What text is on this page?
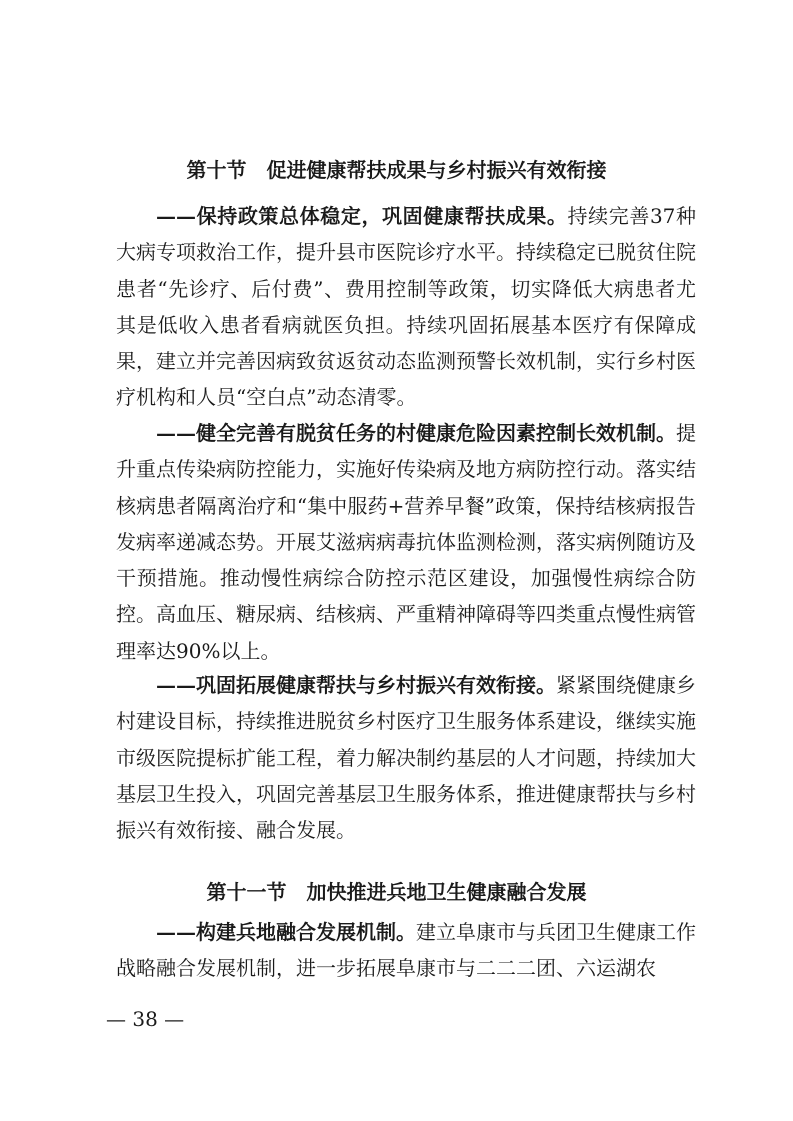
第十节　促进健康帮扶成果与乡村振兴有效衔接
——保持政策总体稳定，巩固健康帮扶成果。持续完善37种大病专项救治工作，提升县市医院诊疗水平。持续稳定已脱贫住院患者“先诊疗、后付费”、费用控制等政策，切实降低大病患者尤其是低收入患者看病就医负担。持续巩固拓展基本医疗有保障成果，建立并完善因病致贫返贫动态监测预警长效机制，实行乡村医疗机构和人员“空白点”动态清零。
——健全完善有脱贫任务的村健康危险因素控制长效机制。提升重点传染病防控能力，实施好传染病及地方病防控行动。落实结核病患者隔离治疗和“集中服药+营养早餐”政策，保持结核病报告发病率递减态势。开展艾滋病病毒抗体监测检测，落实病例随访及干预措施。推动慢性病综合防控示范区建设，加强慢性病综合防控。高血压、糖尿病、结核病、严重精神障碍等四类重点慢性病管理率达90%以上。
——巩固拓展健康帮扶与乡村振兴有效衔接。紧紧围绕健康乡村建设目标，持续推进脱贫乡村医疗卫生服务体系建设，继续实施市级医院提标扩能工程，着力解决制约基层的人才问题，持续加大基层卫生投入，巩固完善基层卫生服务体系，推进健康帮扶与乡村振兴有效衔接、融合发展。
第十一节　加快推进兵地卫生健康融合发展
——构建兵地融合发展机制。建立阜康市与兵团卫生健康工作战略融合发展机制，进一步拓展阜康市与二二二团、六运湖农
— 38 —
